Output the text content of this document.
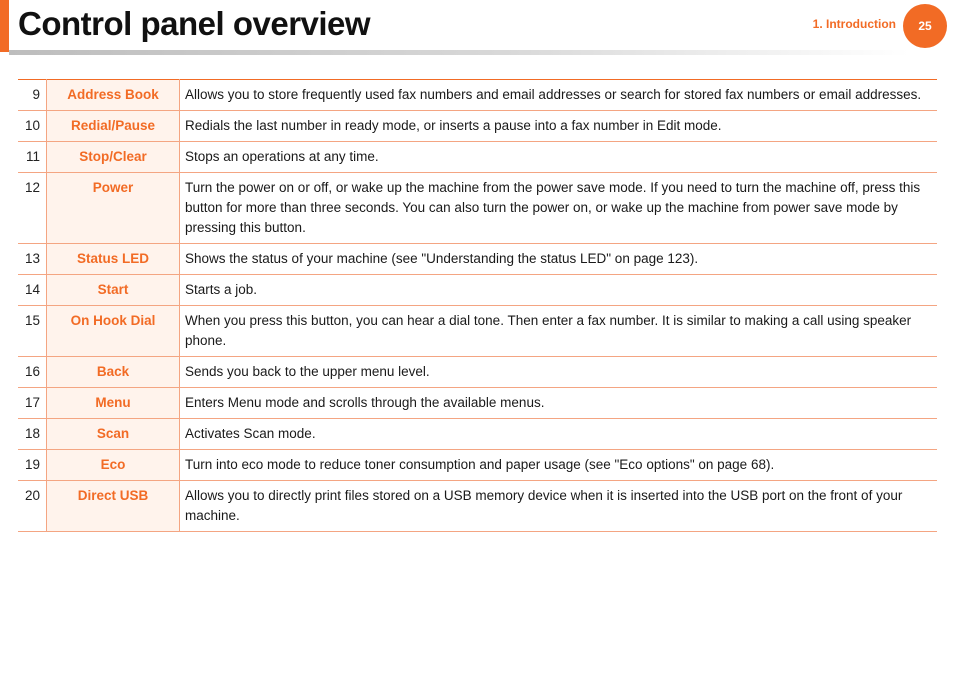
Control panel overview	1. Introduction	25
9	Address Book	Allows you to store frequently used fax numbers and email addresses or search for stored fax numbers or email addresses.
10	Redial/Pause	Redials the last number in ready mode, or inserts a pause into a fax number in Edit mode.
11	Stop/Clear	Stops an operations at any time.
12	Power	Turn the power on or off, or wake up the machine from the power save mode. If you need to turn the machine off, press this button for more than three seconds. You can also turn the power on, or wake up the machine from power save mode by pressing this button.
13	Status LED	Shows the status of your machine (see "Understanding the status LED" on page 123).
14	Start	Starts a job.
15	On Hook Dial	When you press this button, you can hear a dial tone. Then enter a fax number. It is similar to making a call using speaker phone.
16	Back	Sends you back to the upper menu level.
17	Menu	Enters Menu mode and scrolls through the available menus.
18	Scan	Activates Scan mode.
19	Eco	Turn into eco mode to reduce toner consumption and paper usage (see "Eco options" on page 68).
20	Direct USB	Allows you to directly print files stored on a USB memory device when it is inserted into the USB port on the front of your machine.
